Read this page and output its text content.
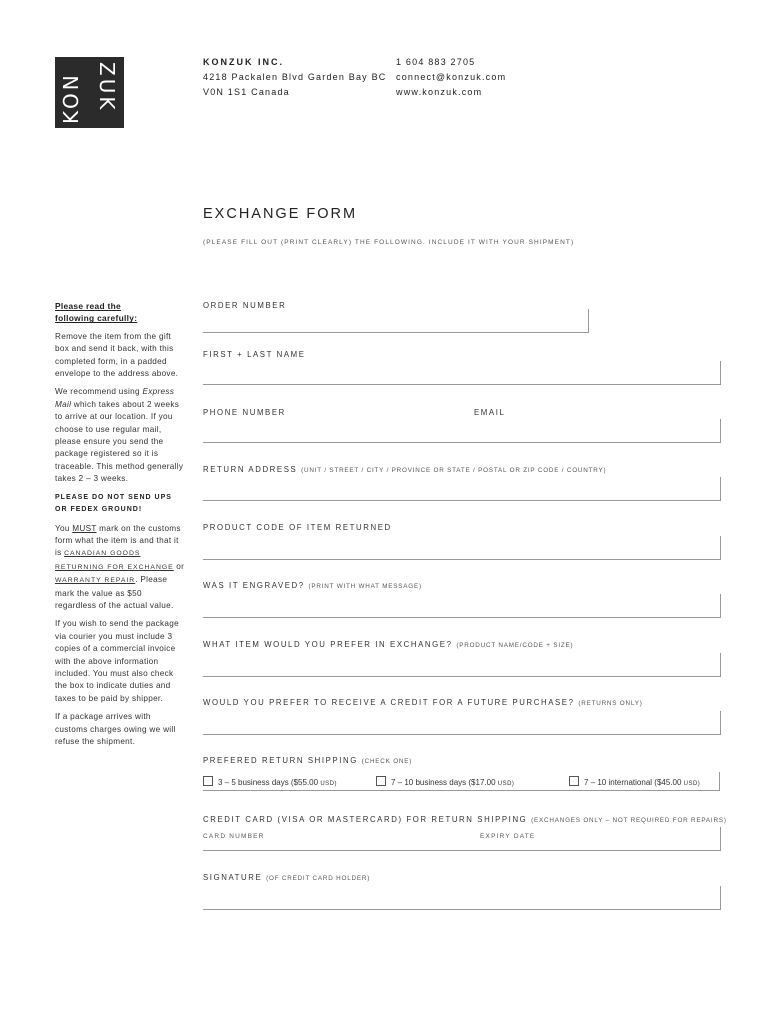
KON ZUK	KONZUK INC.
4218 Packalen Blvd Garden Bay BC
V0N 1S1 Canada
1 604 883 2705
connect@konzuk.com
www.konzuk.com
EXCHANGE FORM
(PLEASE FILL OUT (PRINT CLEARLY) THE FOLLOWING. INCLUDE IT WITH YOUR SHIPMENT)

Please read the
following carefully:

Remove the item from the gift box and send it back, with this completed form, in a padded envelope to the address above.

We recommend using Express Mail which takes about 2 weeks to arrive at our location. If you choose to use regular mail, please ensure you send the package registered so it is traceable. This method generally takes 2 – 3 weeks.

PLEASE DO NOT SEND UPS OR FEDEX GROUND!

You MUST mark on the customs form what the item is and that it is CANADIAN GOODS RETURNING FOR EXCHANGE or WARRANTY REPAIR. Please mark the value as $50 regardless of the actual value.

If you wish to send the package via courier you must include 3 copies of a commercial invoice with the above information included. You must also check the box to indicate duties and taxes to be paid by shipper.

If a package arrives with customs charges owing we will refuse the shipment.

ORDER NUMBER
FIRST + LAST NAME
PHONE NUMBER	EMAIL
RETURN ADDRESS (UNIT / STREET / CITY / PROVINCE OR STATE / POSTAL OR ZIP CODE / COUNTRY)
PRODUCT CODE OF ITEM RETURNED
WAS IT ENGRAVED? (PRINT WITH WHAT MESSAGE)
WHAT ITEM WOULD YOU PREFER IN EXCHANGE? (PRODUCT NAME/CODE + SIZE)
WOULD YOU PREFER TO RECEIVE A CREDIT FOR A FUTURE PURCHASE? (RETURNS ONLY)
PREFERED RETURN SHIPPING (CHECK ONE)
3 – 5 business days ($55.00 USD)	7 – 10 business days ($17.00 USD)	7 – 10 international ($45.00 USD)
CREDIT CARD (VISA OR MASTERCARD) FOR RETURN SHIPPING (EXCHANGES ONLY – NOT REQUIRED FOR REPAIRS)
CARD NUMBER	EXPIRY DATE
SIGNATURE (OF CREDIT CARD HOLDER)
